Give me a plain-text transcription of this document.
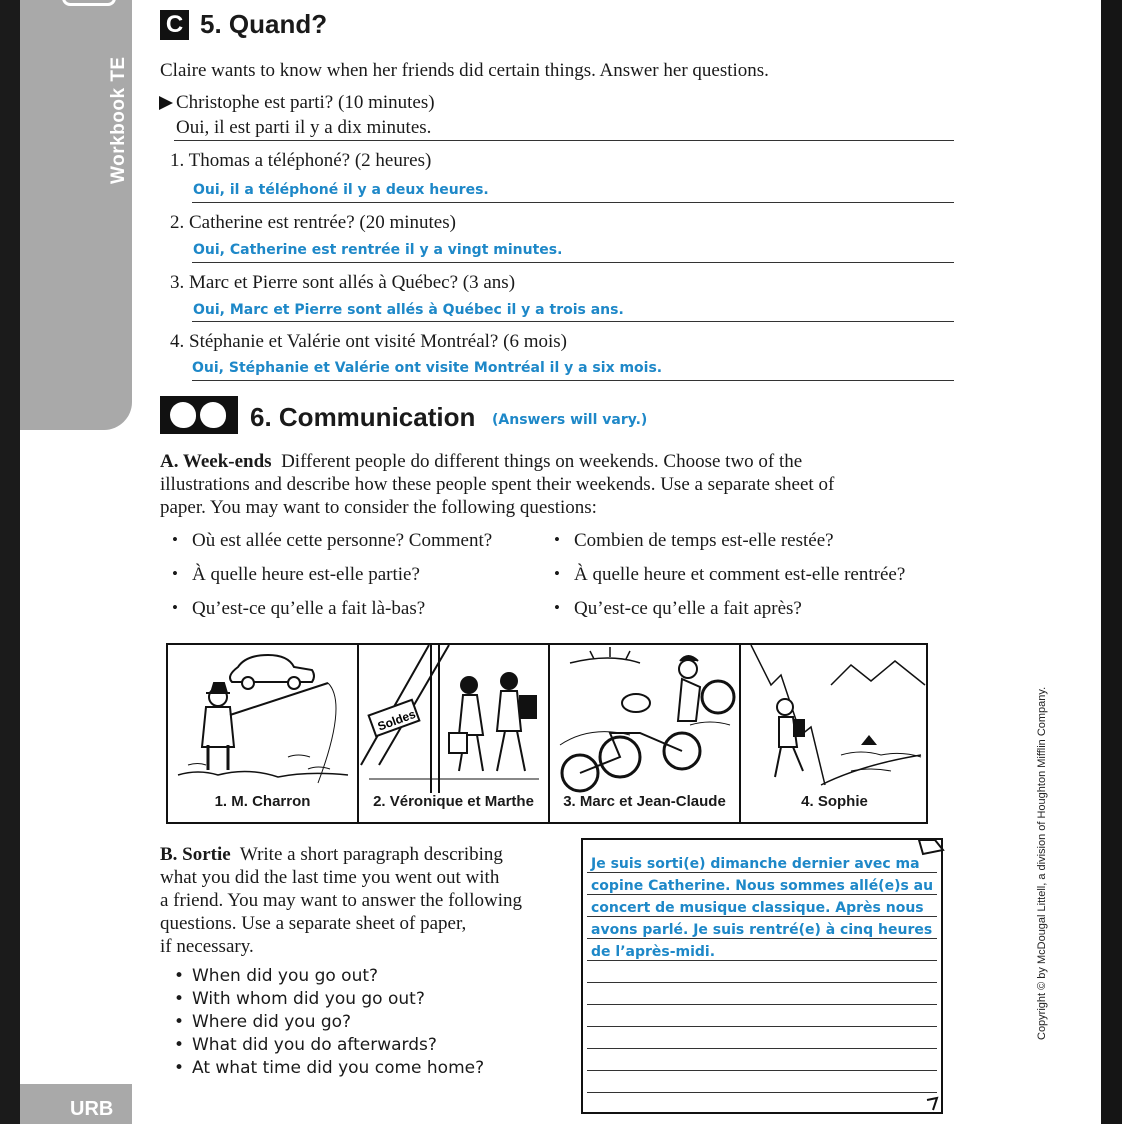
Workbook TE
URB
C 5. Quand?
Claire wants to know when her friends did certain things. Answer her questions.
Christophe est parti? (10 minutes)
Oui, il est parti il y a dix minutes.
1. Thomas a téléphoné? (2 heures)
Oui, il a téléphoné il y a deux heures.
2. Catherine est rentrée? (20 minutes)
Oui, Catherine est rentrée il y a vingt minutes.
3. Marc et Pierre sont allés à Québec? (3 ans)
Oui, Marc et Pierre sont allés à Québec il y a trois ans.
4. Stéphanie et Valérie ont visité Montréal? (6 mois)
Oui, Stéphanie et Valérie ont visite Montréal il y a six mois.
6. Communication (Answers will vary.)
A. Week-ends Different people do different things on weekends. Choose two of the
illustrations and describe how these people spent their weekends. Use a separate sheet of
paper. You may want to consider the following questions:
• Où est allée cette personne? Comment?
• À quelle heure est-elle partie?
• Qu’est-ce qu’elle a fait là-bas?
• Combien de temps est-elle restée?
• À quelle heure et comment est-elle rentrée?
• Qu’est-ce qu’elle a fait après?
1. M. Charron
Soldes
2. Véronique et Marthe	3. Marc et Jean-Claude	4. Sophie
B. Sortie Write a short paragraph describing
what you did the last time you went out with
a friend. You may want to answer the following
questions. Use a separate sheet of paper,
if necessary.
• When did you go out?
• With whom did you go out?
• Where did you go?
• What did you do afterwards?
• At what time did you come home?
Je suis sorti(e) dimanche dernier avec ma
copine Catherine. Nous sommes allé(e)s au
concert de musique classique. Après nous
avons parlé. Je suis rentré(e) à cinq heures
de l’après-midi.	Copyright © by McDougal Littell, a division of Houghton Mifflin Company.
